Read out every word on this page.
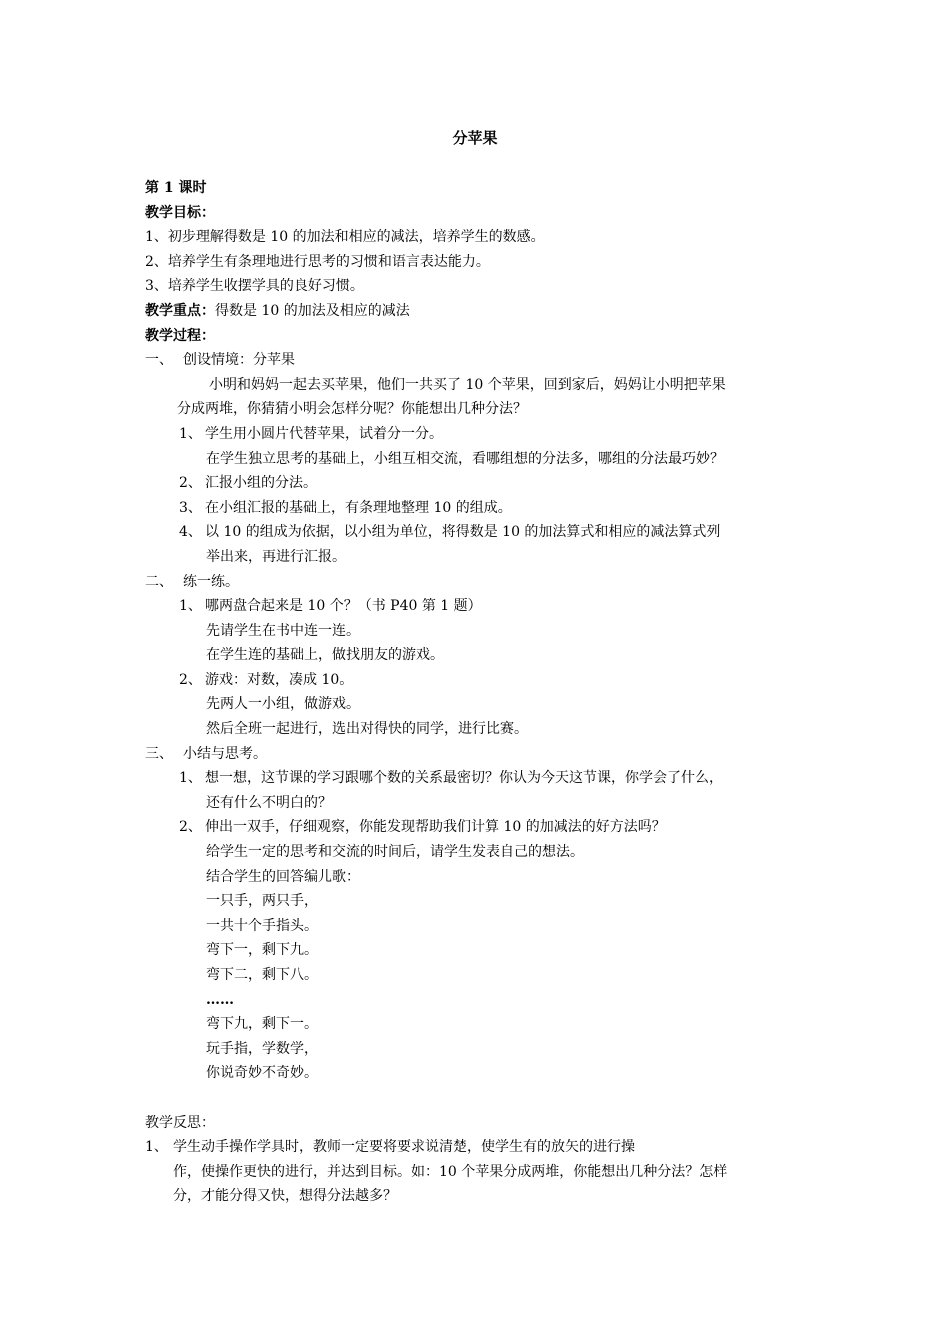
分苹果
第 1 课时
教学目标：
1、初步理解得数是 10 的加法和相应的减法，培养学生的数感。
2、培养学生有条理地进行思考的习惯和语言表达能力。
3、培养学生收摆学具的良好习惯。
教学重点：得数是 10 的加法及相应的减法
教学过程：
一、 创设情境：分苹果
小明和妈妈一起去买苹果，他们一共买了 10 个苹果，回到家后，妈妈让小明把苹果
分成两堆，你猜猜小明会怎样分呢？你能想出几种分法？
1、 学生用小圆片代替苹果，试着分一分。
在学生独立思考的基础上，小组互相交流，看哪组想的分法多，哪组的分法最巧妙？
2、 汇报小组的分法。
3、 在小组汇报的基础上，有条理地整理 10 的组成。
4、 以 10 的组成为依据，以小组为单位，将得数是 10 的加法算式和相应的减法算式列
举出来，再进行汇报。
二、 练一练。
1、 哪两盘合起来是 10 个？（书 P40 第 1 题）
先请学生在书中连一连。
在学生连的基础上，做找朋友的游戏。
2、 游戏：对数，凑成 10。
先两人一小组，做游戏。
然后全班一起进行，选出对得快的同学，进行比赛。
三、 小结与思考。
1、 想一想，这节课的学习跟哪个数的关系最密切？你认为今天这节课，你学会了什么，
还有什么不明白的？
2、 伸出一双手，仔细观察，你能发现帮助我们计算 10 的加减法的好方法吗？
给学生一定的思考和交流的时间后，请学生发表自己的想法。
结合学生的回答编儿歌：
一只手，两只手，
一共十个手指头。
弯下一，剩下九。
弯下二，剩下八。
……
弯下九，剩下一。
玩手指，学数学，
你说奇妙不奇妙。
教学反思：
1、 学生动手操作学具时，教师一定要将要求说清楚，使学生有的放矢的进行操
作，使操作更快的进行，并达到目标。如：10 个苹果分成两堆，你能想出几种分法？怎样
分，才能分得又快，想得分法越多？
